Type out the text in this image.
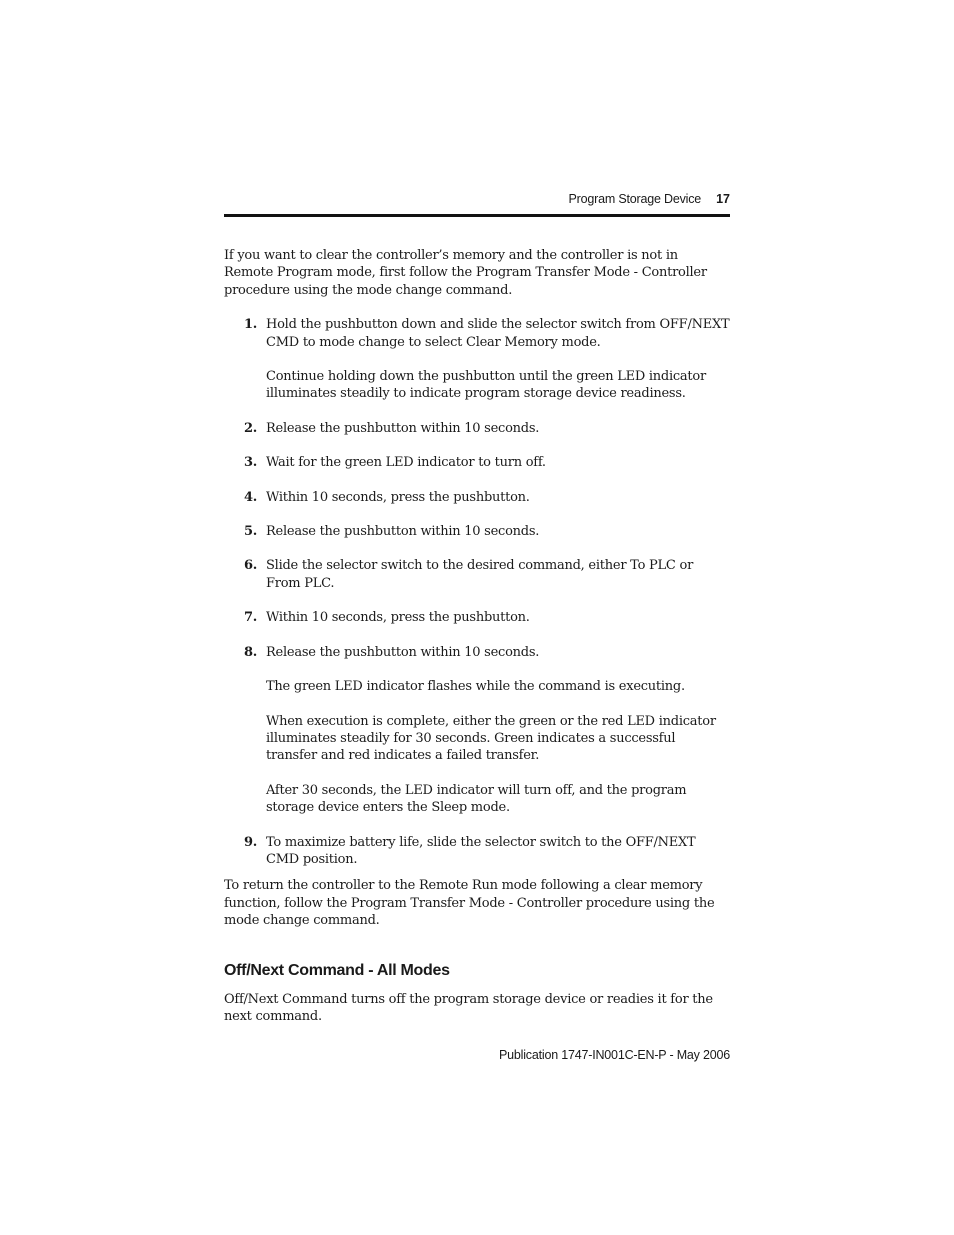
Program Storage Device 17

If you want to clear the controller’s memory and the controller is not in Remote Program mode, first follow the Program Transfer Mode - Controller procedure using the mode change command.

1. Hold the pushbutton down and slide the selector switch from OFF/NEXT CMD to mode change to select Clear Memory mode.

Continue holding down the pushbutton until the green LED indicator illuminates steadily to indicate program storage device readiness.

2. Release the pushbutton within 10 seconds.

3. Wait for the green LED indicator to turn off.

4. Within 10 seconds, press the pushbutton.

5. Release the pushbutton within 10 seconds.

6. Slide the selector switch to the desired command, either To PLC or From PLC.

7. Within 10 seconds, press the pushbutton.

8. Release the pushbutton within 10 seconds.

The green LED indicator flashes while the command is executing.

When execution is complete, either the green or the red LED indicator illuminates steadily for 30 seconds. Green indicates a successful transfer and red indicates a failed transfer.

After 30 seconds, the LED indicator will turn off, and the program storage device enters the Sleep mode.

9. To maximize battery life, slide the selector switch to the OFF/NEXT CMD position.

To return the controller to the Remote Run mode following a clear memory function, follow the Program Transfer Mode - Controller procedure using the mode change command.

Off/Next Command - All Modes

Off/Next Command turns off the program storage device or readies it for the next command.

Publication 1747-IN001C-EN-P - May 2006
